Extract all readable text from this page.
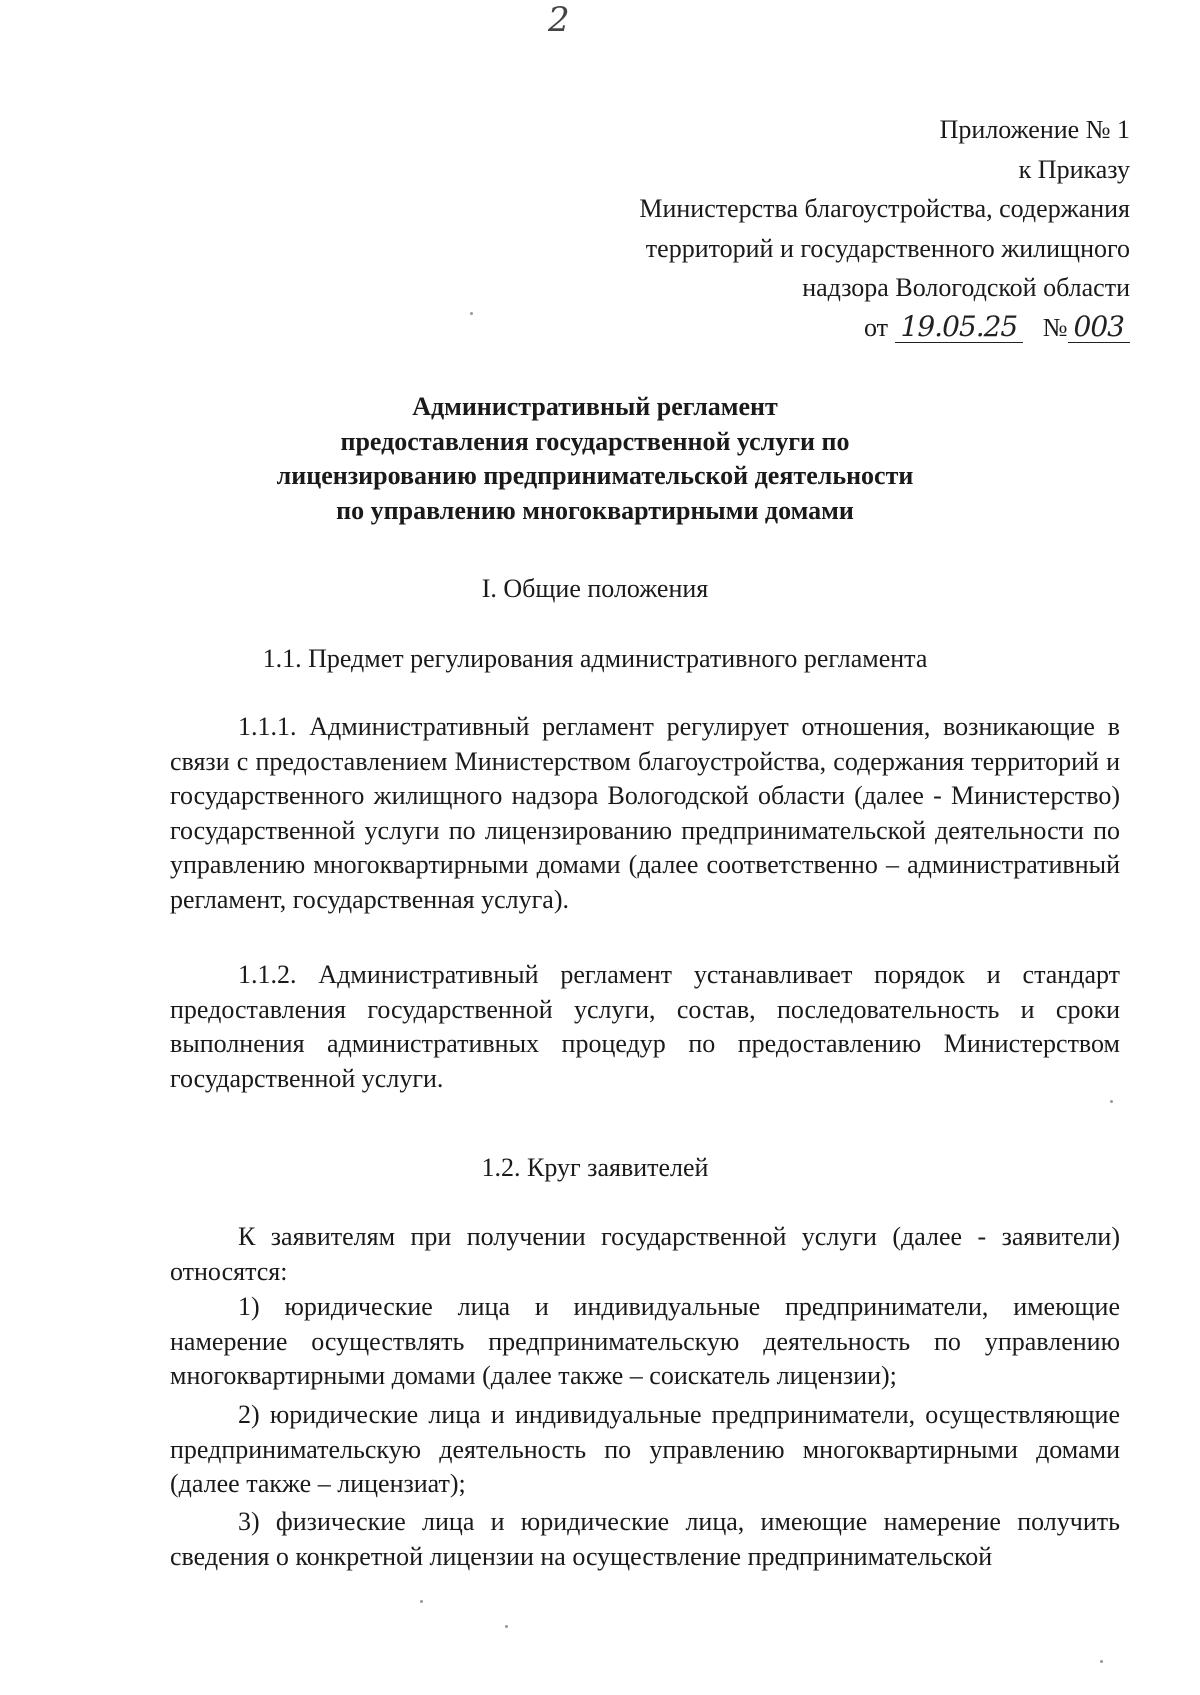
2
Приложение № 1
к Приказу
Министерства благоустройства, содержания
территорий и государственного жилищного
надзора Вологодской области
от 19.05.25 № 003
Административный регламент
предоставления государственной услуги по
лицензированию предпринимательской деятельности
по управлению многоквартирными домами
I. Общие положения
1.1. Предмет регулирования административного регламента
1.1.1. Административный регламент регулирует отношения, возникающие в связи с предоставлением Министерством благоустройства, содержания территорий и государственного жилищного надзора Вологодской области (далее - Министерство) государственной услуги по лицензированию предпринимательской деятельности по управлению многоквартирными домами (далее соответственно – административный регламент, государственная услуга).
1.1.2. Административный регламент устанавливает порядок и стандарт предоставления государственной услуги, состав, последовательность и сроки выполнения административных процедур по предоставлению Министерством государственной услуги.
1.2. Круг заявителей
К заявителям при получении государственной услуги (далее - заявители) относятся:
1) юридические лица и индивидуальные предприниматели, имеющие намерение осуществлять предпринимательскую деятельность по управлению многоквартирными домами (далее также – соискатель лицензии);
2) юридические лица и индивидуальные предприниматели, осуществляющие предпринимательскую деятельность по управлению многоквартирными домами (далее также – лицензиат);
3) физические лица и юридические лица, имеющие намерение получить сведения о конкретной лицензии на осуществление предпринимательской
